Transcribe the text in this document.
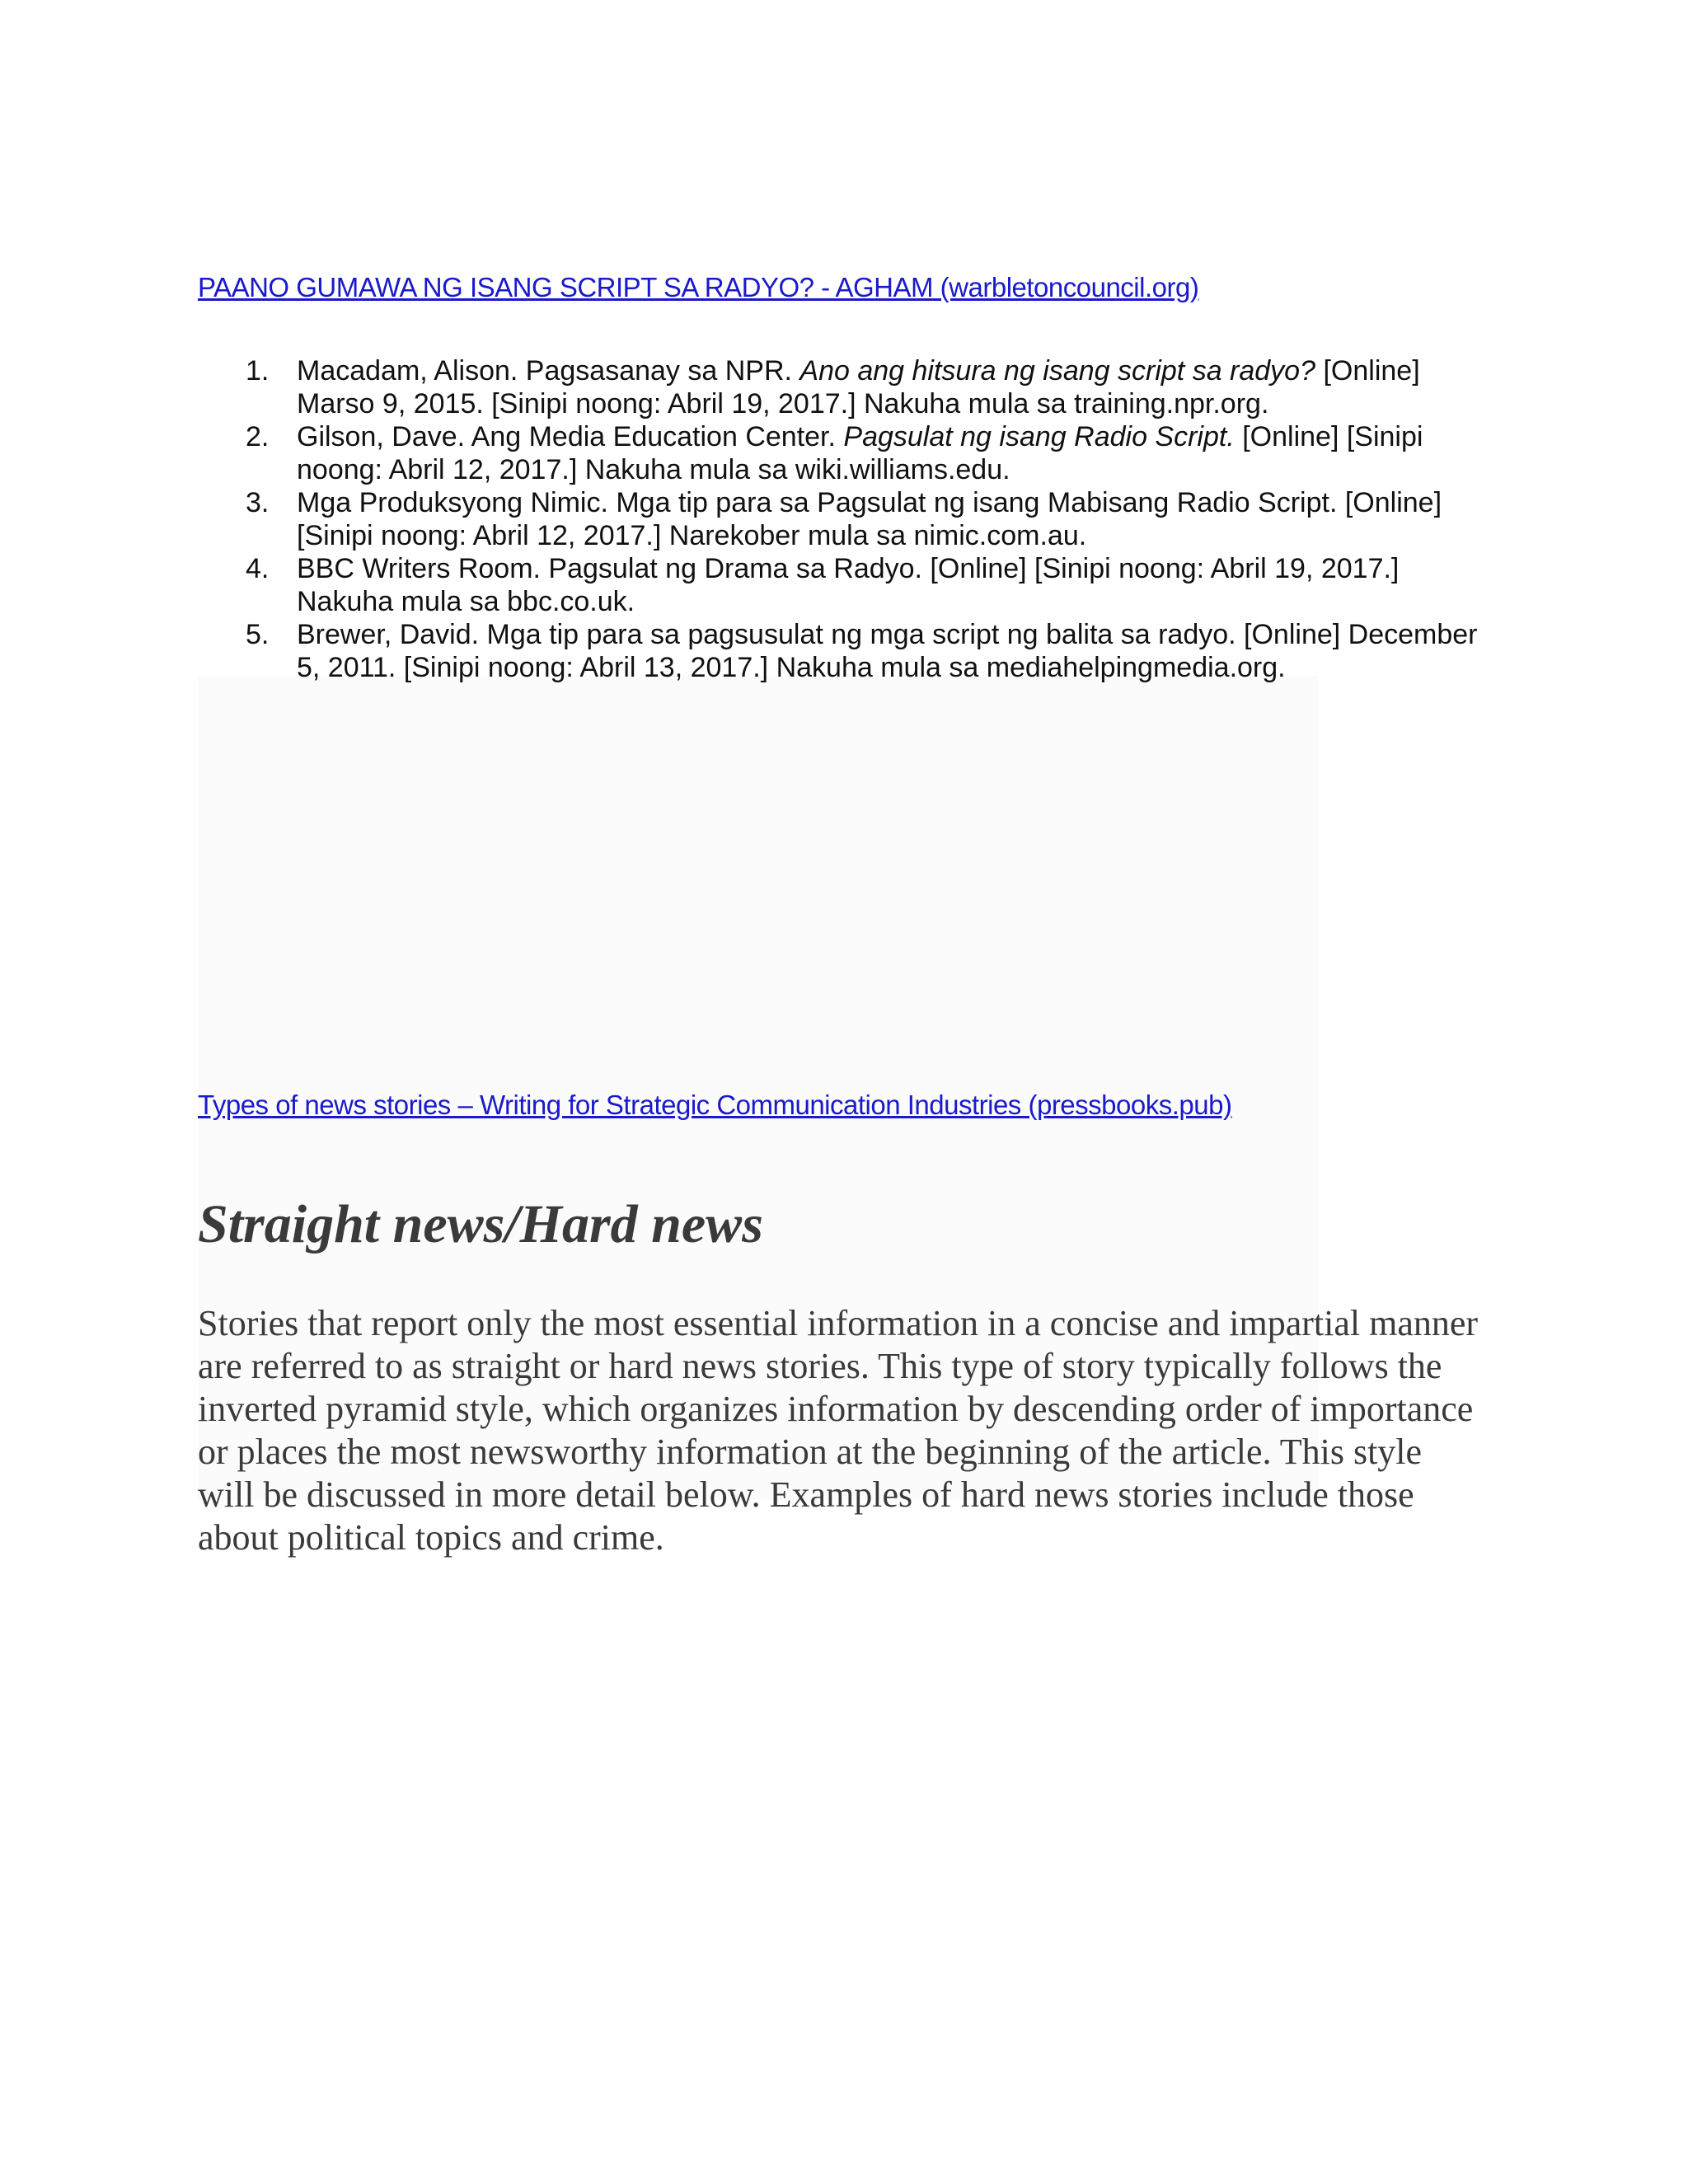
PAANO GUMAWA NG ISANG SCRIPT SA RADYO? - AGHAM (warbletoncouncil.org)
1. Macadam, Alison. Pagsasanay sa NPR. Ano ang hitsura ng isang script sa radyo? [Online] Marso 9, 2015. [Sinipi noong: Abril 19, 2017.] Nakuha mula sa training.npr.org.
2. Gilson, Dave. Ang Media Education Center. Pagsulat ng isang Radio Script. [Online] [Sinipi noong: Abril 12, 2017.] Nakuha mula sa wiki.williams.edu.
3. Mga Produksyong Nimic. Mga tip para sa Pagsulat ng isang Mabisang Radio Script. [Online] [Sinipi noong: Abril 12, 2017.] Narekober mula sa nimic.com.au.
4. BBC Writers Room. Pagsulat ng Drama sa Radyo. [Online] [Sinipi noong: Abril 19, 2017.] Nakuha mula sa bbc.co.uk.
5. Brewer, David. Mga tip para sa pagsusulat ng mga script ng balita sa radyo. [Online] December 5, 2011. [Sinipi noong: Abril 13, 2017.] Nakuha mula sa mediahelpingmedia.org.
Types of news stories – Writing for Strategic Communication Industries (pressbooks.pub)
Straight news/Hard news

Stories that report only the most essential information in a concise and impartial manner are referred to as straight or hard news stories. This type of story typically follows the inverted pyramid style, which organizes information by descending order of importance or places the most newsworthy information at the beginning of the article. This style will be discussed in more detail below. Examples of hard news stories include those about political topics and crime.
